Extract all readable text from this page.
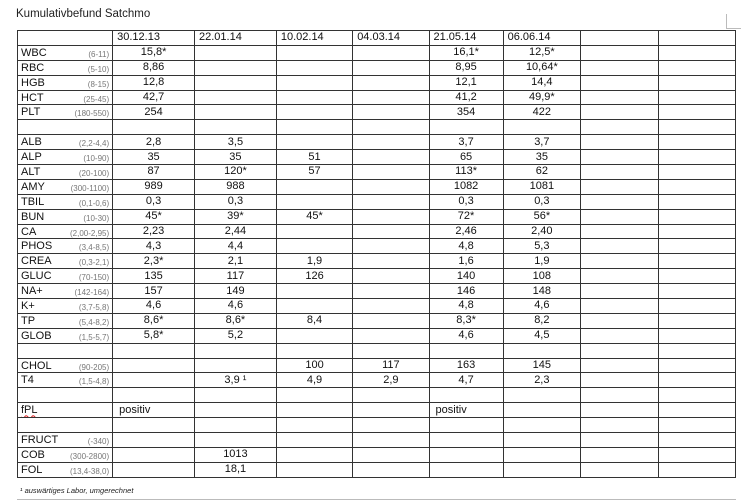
Kumulativbefund Satchmo
	30.12.13	22.01.14	10.02.14	04.03.14	21.05.14	06.06.14		

WBC (6-11)	15,8*				16,1*	12,5*		

RBC (5-10)	8,86				8,95	10,64*		

HGB (8-15)	12,8				12,1	14,4		

HCT (25-45)	42,7				41,2	49,9*		

PLT (180-550)	254				354	422		

ALB (2,2-4,4)	2,8	3,5			3,7	3,7		

ALP (10-90)	35	35	51		65	35		

ALT (20-100)	87	120*	57		113*	62		

AMY (300-1100)	989	988			1082	1081		

TBIL (0,1-0,6)	0,3	0,3			0,3	0,3		

BUN (10-30)	45*	39*	45*		72*	56*		

CA (2,00-2,95)	2,23	2,44			2,46	2,40		

PHOS (3,4-8,5)	4,3	4,4			4,8	5,3		

CREA (0,3-2,1)	2,3*	2,1	1,9		1,6	1,9		

GLUC (70-150)	135	117	126		140	108		

NA+ (142-164)	157	149			146	148		

K+ (3,7-5,8)	4,6	4,6			4,8	4,6		

TP (5,4-8,2)	8,6*	8,6*	8,4		8,3*	8,2		

GLOB (1,5-5,7)	5,8*	5,2			4,6	4,5		

CHOL (90-205)			100	117	163	145		

T4 (1,5-4,8)		3,9 ¹	4,9	2,9	4,7	2,3		

fPL	positiv				positiv			

FRUCT (-340)								

COB (300-2800)		1013						

FOL (13,4-38,0)		18,1						
¹ auswärtiges Labor, umgerechnet
